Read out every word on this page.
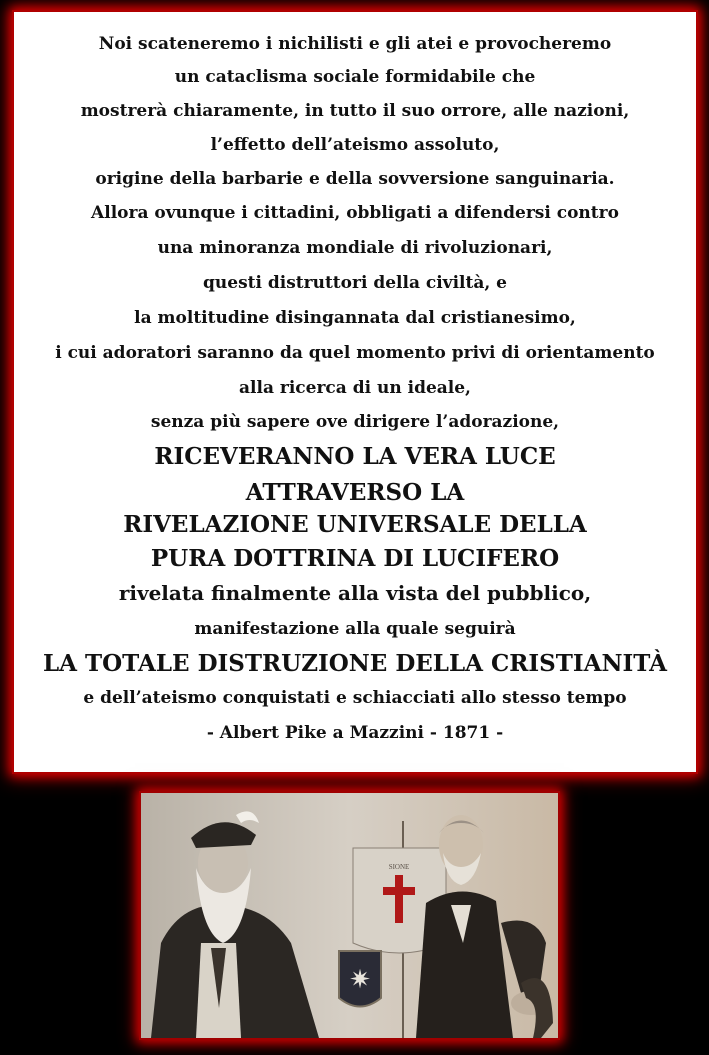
Noi scateneremo i nichilisti e gli atei e provocheremo
un cataclisma sociale formidabile che
mostrerà chiaramente, in tutto il suo orrore, alle nazioni,
l’effetto dell’ateismo assoluto,
origine della barbarie e della sovversione sanguinaria.
Allora ovunque i cittadini, obbligati a difendersi contro
una minoranza mondiale di rivoluzionari,
questi distruttori della civiltà, e
la moltitudine disingannata dal cristianesimo,
i cui adoratori saranno da quel momento privi di orientamento
alla ricerca di un ideale,
senza più sapere ove dirigere l’adorazione,
RICEVERANNO LA VERA LUCE
ATTRAVERSO LA
RIVELAZIONE UNIVERSALE DELLA
PURA DOTTRINA DI LUCIFERO
rivelata finalmente alla vista del pubblico,
manifestazione alla quale seguirà
LA TOTALE DISTRUZIONE DELLA CRISTIANITÀ
e dell’ateismo conquistati e schiacciati allo stesso tempo
- Albert Pike a Mazzini - 1871 -
SIONE
✷
